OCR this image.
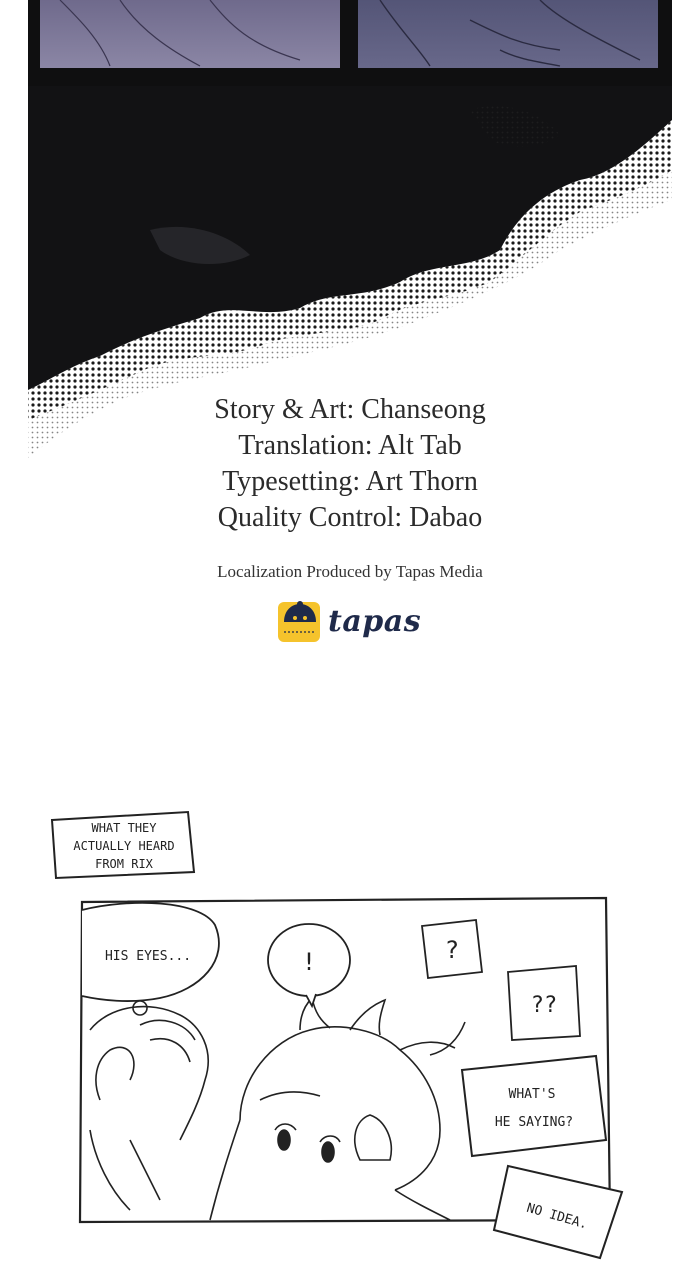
Story & Art: Chanseong
Translation: Alt Tab
Typesetting: Art Thorn
Quality Control: Dabao
Localization Produced by Tapas Media
tapas
WHAT THEY
ACTUALLY HEARD
FROM RIX
HIS EYES...	!	?
??
WHAT'S
HE SAYING?
NO IDEA.
